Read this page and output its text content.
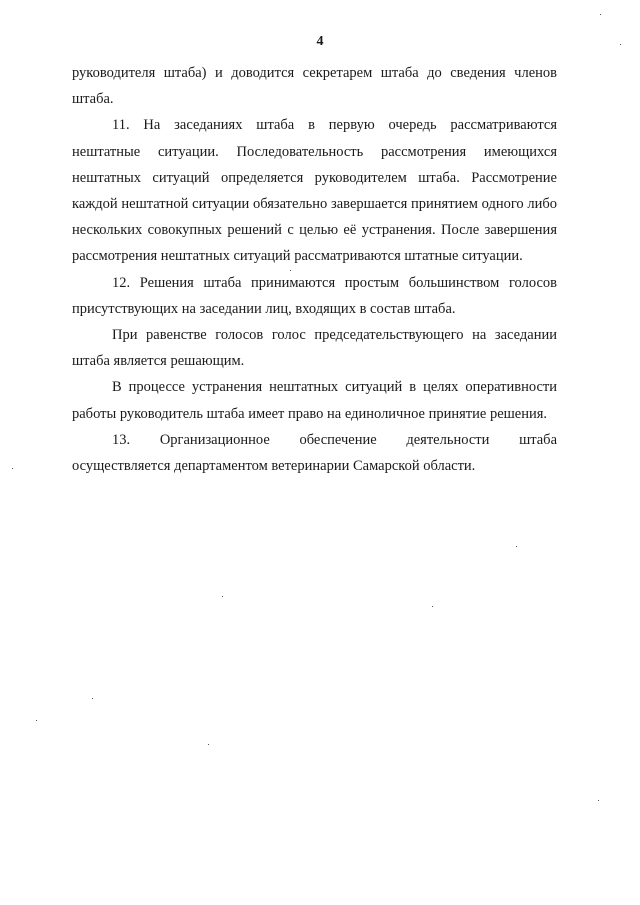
4

руководителя штаба) и доводится секретарем штаба до сведения членов штаба.

11. На заседаниях штаба в первую очередь рассматриваются нештатные ситуации. Последовательность рассмотрения имеющихся нештатных ситуаций определяется руководителем штаба. Рассмотрение каждой нештатной ситуации обязательно завершается принятием одного либо нескольких совокупных решений с целью её устранения. После завершения рассмотрения нештатных ситуаций рассматриваются штатные ситуации.

12. Решения штаба принимаются простым большинством голосов присутствующих на заседании лиц, входящих в состав штаба.

При равенстве голосов голос председательствующего на заседании штаба является решающим.

В процессе устранения нештатных ситуаций в целях оперативности работы руководитель штаба имеет право на единоличное принятие решения.

13. Организационное обеспечение деятельности штаба

осуществляется департаментом ветеринарии Самарской области.
